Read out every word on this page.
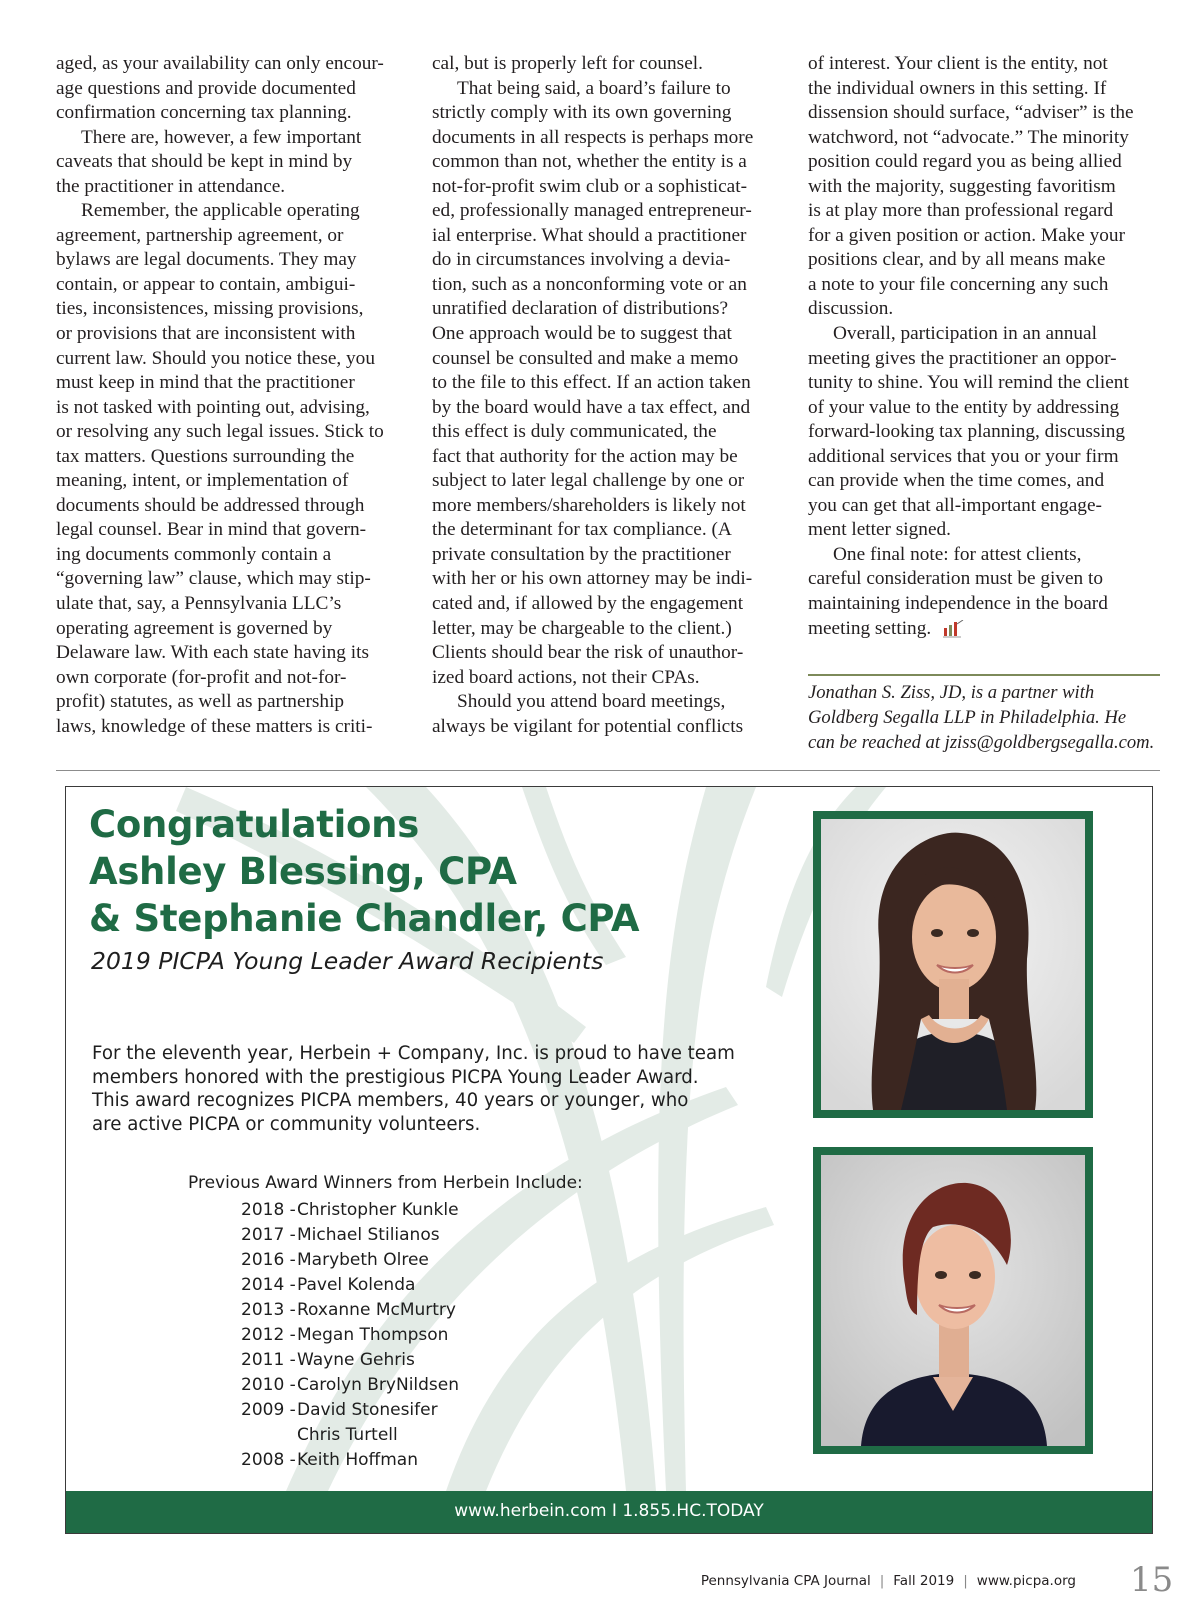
aged, as your availability can only encour-
age questions and provide documented
confirmation concerning tax planning.
There are, however, a few important
caveats that should be kept in mind by
the practitioner in attendance.
Remember, the applicable operating
agreement, partnership agreement, or
bylaws are legal documents. They may
contain, or appear to contain, ambigui-
ties, inconsistences, missing provisions,
or provisions that are inconsistent with
current law. Should you notice these, you
must keep in mind that the practitioner
is not tasked with pointing out, advising,
or resolving any such legal issues. Stick to
tax matters. Questions surrounding the
meaning, intent, or implementation of
documents should be addressed through
legal counsel. Bear in mind that govern-
ing documents commonly contain a
“governing law” clause, which may stip-
ulate that, say, a Pennsylvania LLC’s
operating agreement is governed by
Delaware law. With each state having its
own corporate (for-profit and not-for-
profit) statutes, as well as partnership
laws, knowledge of these matters is criti-
cal, but is properly left for counsel.
That being said, a board’s failure to
strictly comply with its own governing
documents in all respects is perhaps more
common than not, whether the entity is a
not-for-profit swim club or a sophisticat-
ed, professionally managed entrepreneur-
ial enterprise. What should a practitioner
do in circumstances involving a devia-
tion, such as a nonconforming vote or an
unratified declaration of distributions?
One approach would be to suggest that
counsel be consulted and make a memo
to the file to this effect. If an action taken
by the board would have a tax effect, and
this effect is duly communicated, the
fact that authority for the action may be
subject to later legal challenge by one or
more members/shareholders is likely not
the determinant for tax compliance. (A
private consultation by the practitioner
with her or his own attorney may be indi-
cated and, if allowed by the engagement
letter, may be chargeable to the client.)
Clients should bear the risk of unauthor-
ized board actions, not their CPAs.
Should you attend board meetings,
always be vigilant for potential conflicts
of interest. Your client is the entity, not
the individual owners in this setting. If
dissension should surface, “adviser” is the
watchword, not “advocate.” The minority
position could regard you as being allied
with the majority, suggesting favoritism
is at play more than professional regard
for a given position or action. Make your
positions clear, and by all means make
a note to your file concerning any such
discussion.
Overall, participation in an annual
meeting gives the practitioner an oppor-
tunity to shine. You will remind the client
of your value to the entity by addressing
forward-looking tax planning, discussing
additional services that you or your firm
can provide when the time comes, and
you can get that all-important engage-
ment letter signed.
One final note: for attest clients,
careful consideration must be given to
maintaining independence in the board
meeting setting.
Jonathan S. Ziss, JD, is a partner with
Goldberg Segalla LLP in Philadelphia. He
can be reached at jziss@goldbergsegalla.com.
Congratulations
Ashley Blessing, CPA
& Stephanie Chandler, CPA
2019 PICPA Young Leader Award Recipients
For the eleventh year, Herbein + Company, Inc. is proud to have team
members honored with the prestigious PICPA Young Leader Award.
This award recognizes PICPA members, 40 years or younger, who
are active PICPA or community volunteers.
Previous Award Winners from Herbein Include:
2018 - Christopher Kunkle
2017 - Michael Stilianos
2016 - Marybeth Olree
2014 - Pavel Kolenda
2013 - Roxanne McMurtry
2012 - Megan Thompson
2011 - Wayne Gehris
2010 - Carolyn BryNildsen
2009 - David Stonesifer
Chris Turtell
2008 - Keith Hoffman
www.herbein.com I 1.855.HC.TODAY
Pennsylvania CPA Journal | Fall 2019 | www.picpa.org 15
